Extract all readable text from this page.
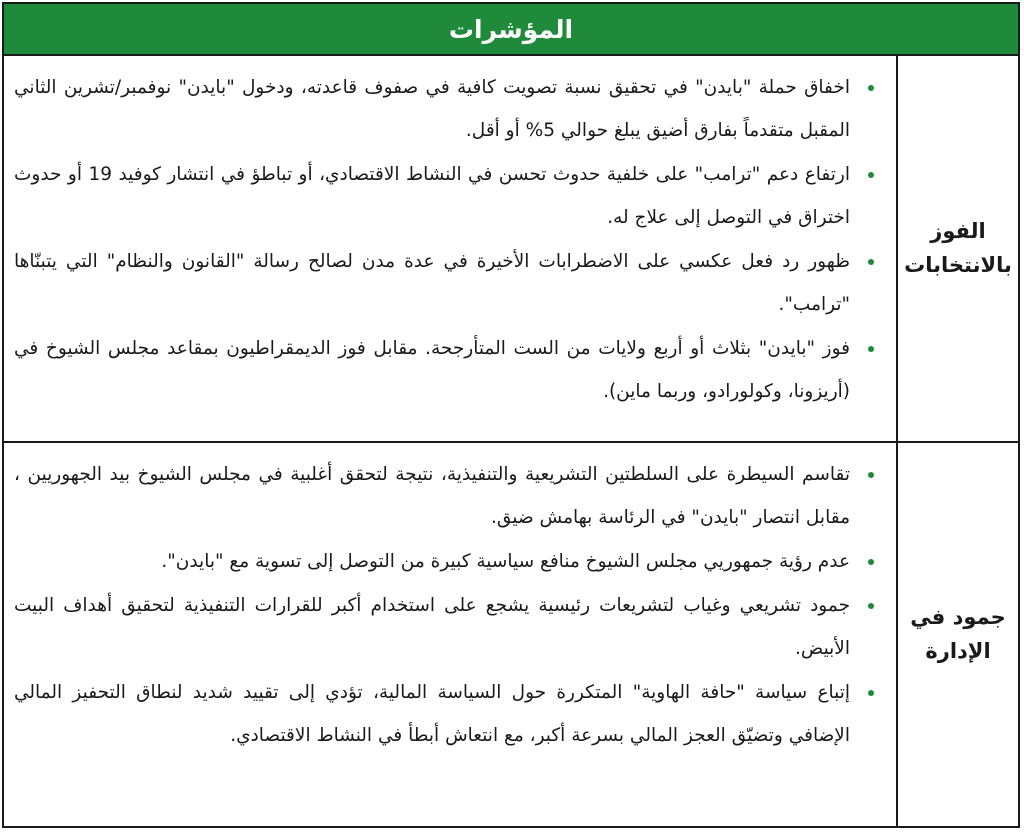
المؤشرات
الفوز
بالانتخابات
اخفاق حملة "بايدن" في تحقيق نسبة تصويت كافية في صفوف قاعدته، ودخول "بايدن" نوفمبر/تشرين الثاني المقبل متقدماً بفارق أضيق يبلغ حوالي 5% أو أقل.
ارتفاع دعم "ترامب" على خلفية حدوث تحسن في النشاط الاقتصادي، أو تباطؤ في انتشار كوفيد 19 أو حدوث اختراق في التوصل إلى علاج له.
ظهور رد فعل عكسي على الاضطرابات الأخيرة في عدة مدن لصالح رسالة "القانون والنظام" التي يتبنّاها "ترامب".
فوز "بايدن" بثلاث أو أربع ولايات من الست المتأرجحة. مقابل فوز الديمقراطيون بمقاعد مجلس الشيوخ في (أريزونا، وكولورادو، وربما ماين).
جمود في
الإدارة
تقاسم السيطرة على السلطتين التشريعية والتنفيذية، نتيجة لتحقق أغلبية في مجلس الشيوخ بيد الجهوريين ، مقابل انتصار "بايدن" في الرئاسة بهامش ضيق.
عدم رؤية جمهوريي مجلس الشيوخ منافع سياسية كبيرة من التوصل إلى تسوية مع "بايدن".
جمود تشريعي وغياب لتشريعات رئيسية يشجع على استخدام أكبر للقرارات التنفيذية لتحقيق أهداف البيت الأبيض.
إتباع سياسة "حافة الهاوية" المتكررة حول السياسة المالية، تؤدي إلى تقييد شديد لنطاق التحفيز المالي الإضافي وتضيّق العجز المالي بسرعة أكبر، مع انتعاش أبطأ في النشاط الاقتصادي.
